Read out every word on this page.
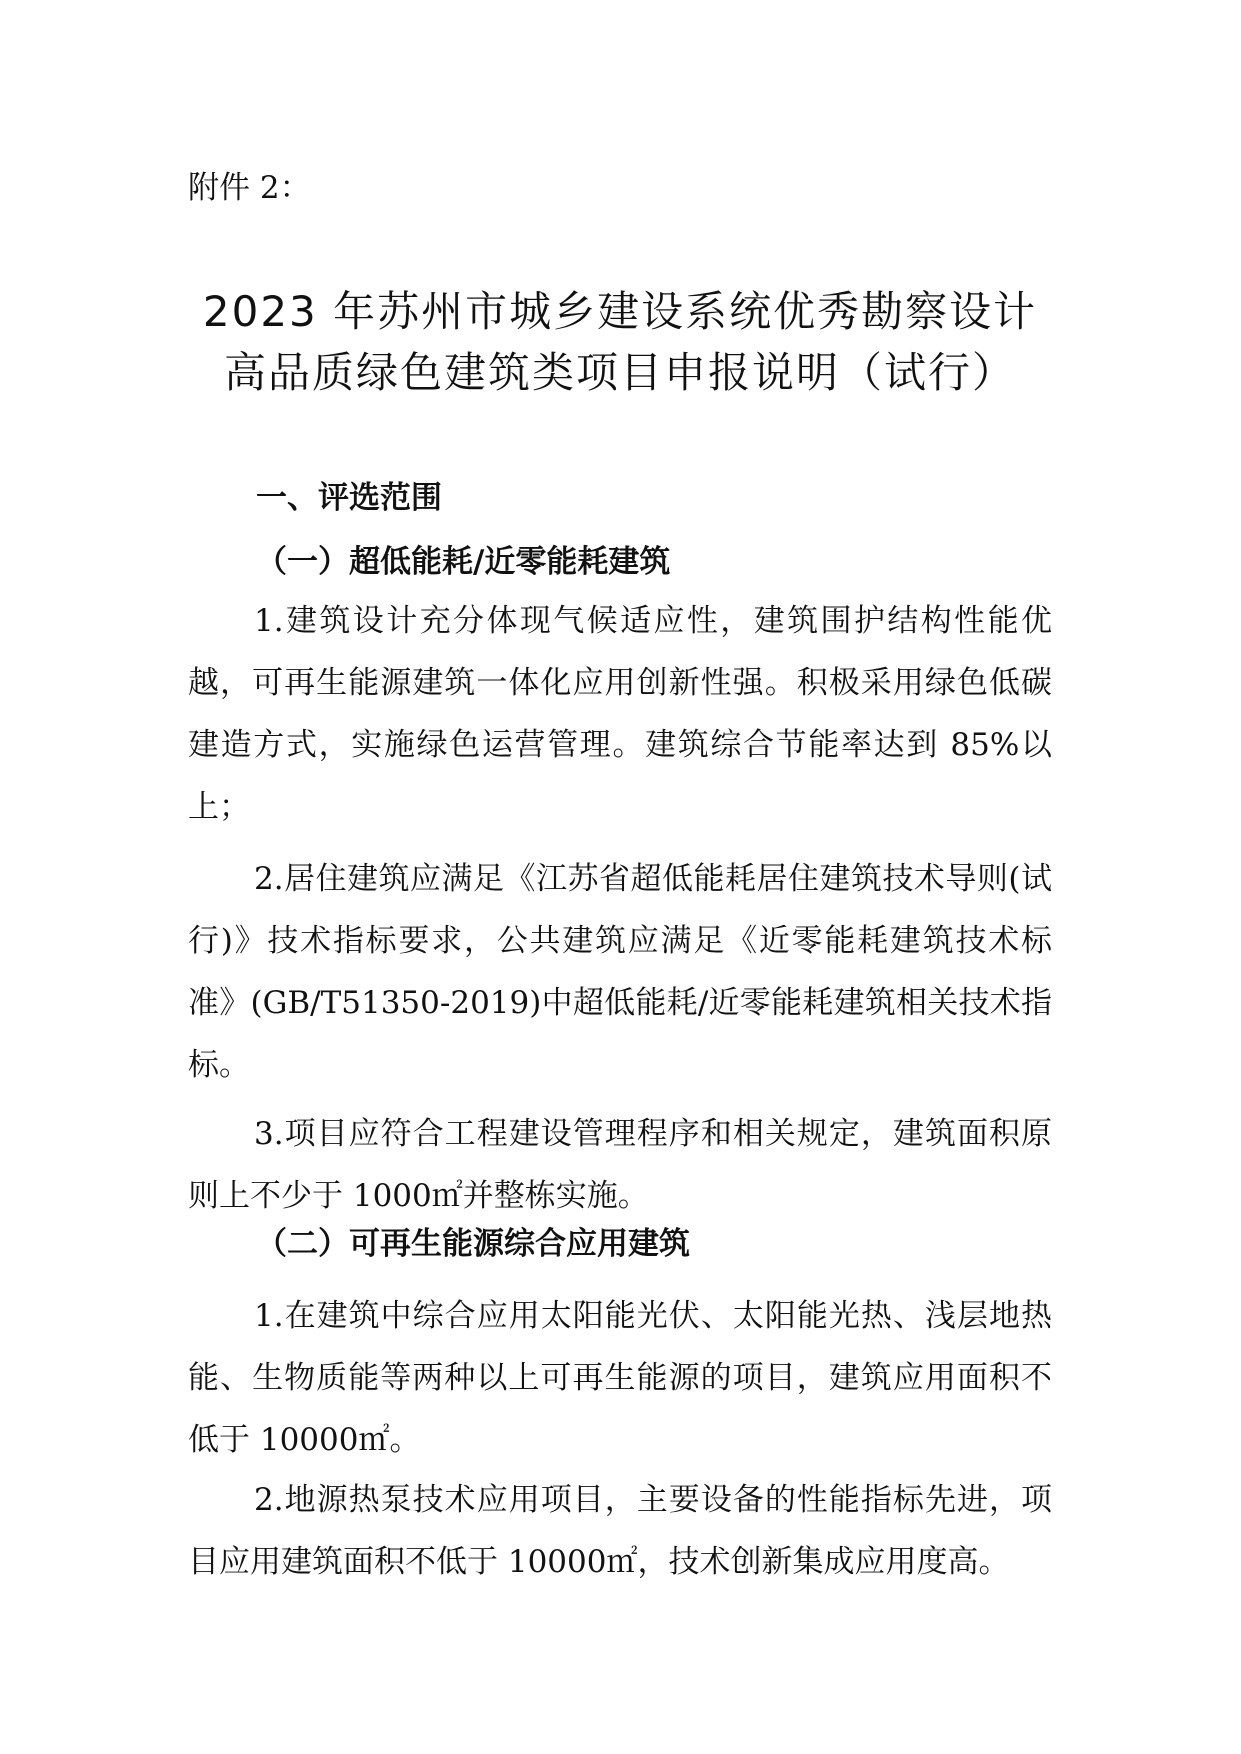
附件 2：
2023 年苏州市城乡建设系统优秀勘察设计
高品质绿色建筑类项目申报说明（试行）
一、评选范围
（一）超低能耗/近零能耗建筑

1.建筑设计充分体现气候适应性，建筑围护结构性能优越，可再生能源建筑一体化应用创新性强。积极采用绿色低碳建造方式，实施绿色运营管理。建筑综合节能率达到 85%以上；

2.居住建筑应满足《江苏省超低能耗居住建筑技术导则(试行)》技术指标要求，公共建筑应满足《近零能耗建筑技术标准》(GB/T51350-2019)中超低能耗/近零能耗建筑相关技术指标。

3.项目应符合工程建设管理程序和相关规定，建筑面积原则上不少于 1000㎡并整栋实施。

（二）可再生能源综合应用建筑

1.在建筑中综合应用太阳能光伏、太阳能光热、浅层地热能、生物质能等两种以上可再生能源的项目，建筑应用面积不低于 10000㎡。

2.地源热泵技术应用项目，主要设备的性能指标先进，项目应用建筑面积不低于 10000㎡，技术创新集成应用度高。
